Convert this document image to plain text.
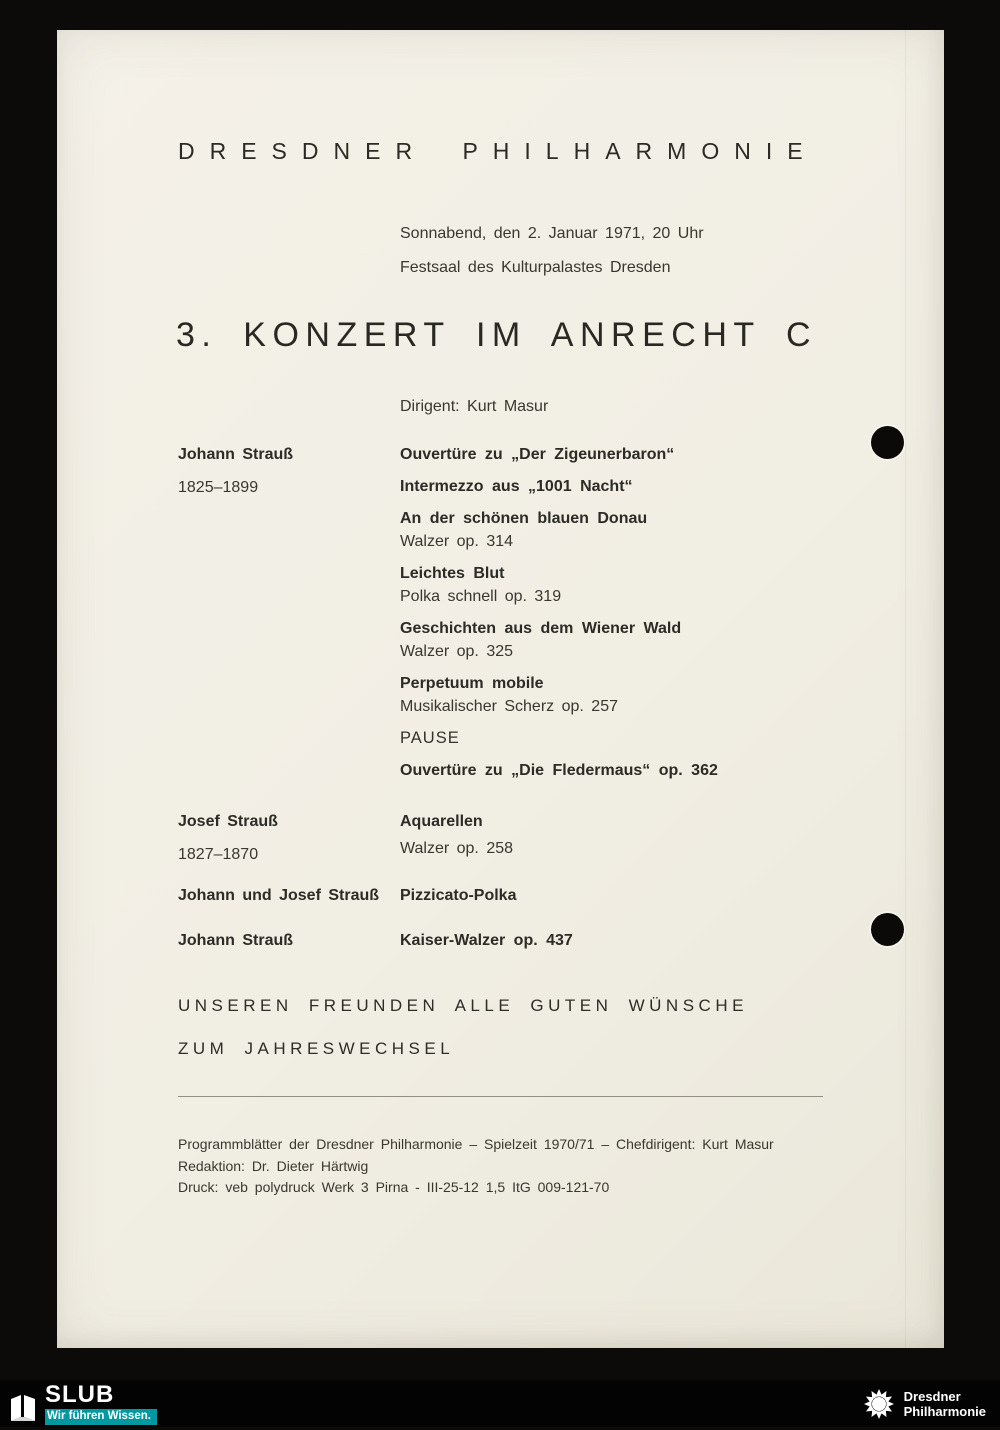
DRESDNER PHILHARMONIE
Sonnabend, den 2. Januar 1971, 20 Uhr
Festsaal des Kulturpalastes Dresden
3. KONZERT IM ANRECHT C
Dirigent: Kurt Masur
Johann Strauß
1825–1899
Ouvertüre zu „Der Zigeunerbaron“
Intermezzo aus „1001 Nacht“
An der schönen blauen Donau
Walzer op. 314
Leichtes Blut
Polka schnell op. 319
Geschichten aus dem Wiener Wald
Walzer op. 325
Perpetuum mobile
Musikalischer Scherz op. 257
PAUSE
Ouvertüre zu „Die Fledermaus“ op. 362
Josef Strauß
1827–1870
Aquarellen
Walzer op. 258
Johann und Josef Strauß	Pizzicato-Polka
Johann Strauß	Kaiser-Walzer op. 437
UNSEREN FREUNDEN ALLE GUTEN WÜNSCHE
ZUM JAHRESWECHSEL
Programmblätter der Dresdner Philharmonie – Spielzeit 1970/71 – Chefdirigent: Kurt Masur
Redaktion: Dr. Dieter Härtwig
Druck: veb polydruck Werk 3 Pirna - III-25-12 1,5 ItG 009-121-70
SLUB
Wir führen Wissen.
Dresdner
Philharmonie
